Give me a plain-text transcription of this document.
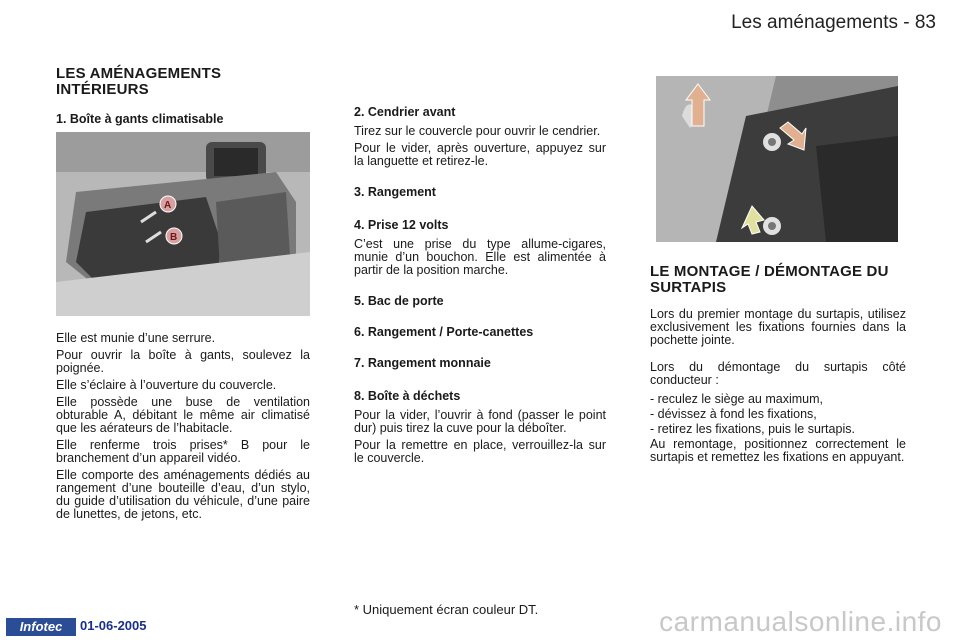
Les aménagements - 83
LES AMÉNAGEMENTS INTÉRIEURS
1. Boîte à gants climatisable
A
B

Elle est munie d’une serrure.

Pour ouvrir la boîte à gants, soulevez la poignée.

Elle s’éclaire à l’ouverture du couvercle.

Elle possède une buse de ventilation obturable A, débitant le même air climatisé que les aérateurs de l’habitacle.

Elle renferme trois prises* B pour le branchement d’un appareil vidéo.

Elle comporte des aménagements dédiés au rangement d’une bouteille d’eau, d’un stylo, du guide d’utilisation du véhicule, d’une paire de lunettes, de jetons, etc.

2. Cendrier avant

Tirez sur le couvercle pour ouvrir le cendrier.

Pour le vider, après ouverture, appuyez sur la languette et retirez-le.

3. Rangement
4. Prise 12 volts

C’est une prise du type allume-cigares, munie d’un bouchon. Elle est alimentée à partir de la position marche.

5. Bac de porte
6. Rangement / Porte-canettes
7. Rangement monnaie
8. Boîte à déchets

Pour la vider, l’ouvrir à fond (passer le point dur) puis tirez la cuve pour la déboîter.

Pour la remettre en place, verrouillez-la sur le couvercle.

* Uniquement écran couleur DT.
LE MONTAGE / DÉMONTAGE DU SURTAPIS

Lors du premier montage du surtapis, utilisez exclusivement les fixations fournies dans la pochette jointe.

Lors du démontage du surtapis côté conducteur :

- reculez le siège au maximum,
- dévissez à fond les fixations,
- retirez les fixations, puis le surtapis.

Au remontage, positionnez correctement le surtapis et remettez les fixations en appuyant.

Infotec	01-06-2005	carmanualsonline.info
